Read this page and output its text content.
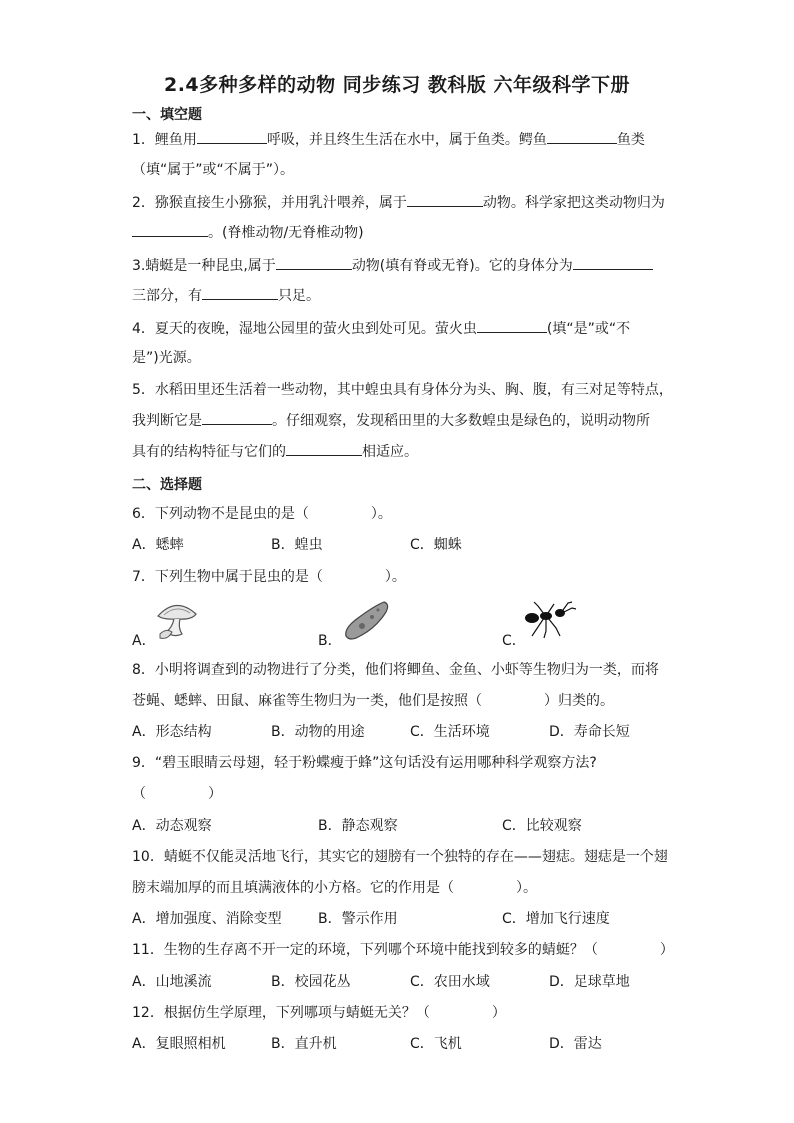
2.4多种多样的动物 同步练习 教科版 六年级科学下册
一、填空题
1．鲤鱼用	呼吸，并且终生生活在水中，属于鱼类。鳄鱼	鱼类
（填“属于”或“不属于”）。
2．猕猴直接生小猕猴，并用乳汁喂养，属于	动物。科学家把这类动物归为
。(脊椎动物/无脊椎动物)
3.蜻蜓是一种昆虫,属于	动物(填有脊或无脊)。它的身体分为
三部分，有	只足。
4．夏天的夜晚，湿地公园里的萤火虫到处可见。萤火虫	(填“是”或“不
是”)光源。
5．水稻田里还生活着一些动物，其中蝗虫具有身体分为头、胸、腹，有三对足等特点，
我判断它是	。仔细观察，发现稻田里的大多数蝗虫是绿色的，说明动物所
具有的结构特征与它们的	相适应。
二、选择题
6．下列动物不是昆虫的是（	）。
A．蟋蟀	B．蝗虫	C．蜘蛛
7．下列生物中属于昆虫的是（	）。
A．	B．	C．
8．小明将调查到的动物进行了分类，他们将鲫鱼、金鱼、小虾等生物归为一类，而将
苍蝇、蟋蟀、田鼠、麻雀等生物归为一类，他们是按照（	）归类的。
A．形态结构	B．动物的用途	C．生活环境	D．寿命长短
9．“碧玉眼睛云母翅，轻于粉蝶瘦于蜂”这句话没有运用哪种科学观察方法?
（	）
A．动态观察	B．静态观察	C．比较观察
10．蜻蜓不仅能灵活地飞行，其实它的翅膀有一个独特的存在——翅痣。翅痣是一个翅
膀末端加厚的而且填满液体的小方格。它的作用是（	）。
A．增加强度、消除变型	B．警示作用	C．增加飞行速度
11．生物的生存离不开一定的环境，下列哪个环境中能找到较多的蜻蜓？（	）
A．山地溪流	B．校园花丛	C．农田水域	D．足球草地
12．根据仿生学原理，下列哪项与蜻蜓无关？（	）
A．复眼照相机	B．直升机	C．飞机	D．雷达
